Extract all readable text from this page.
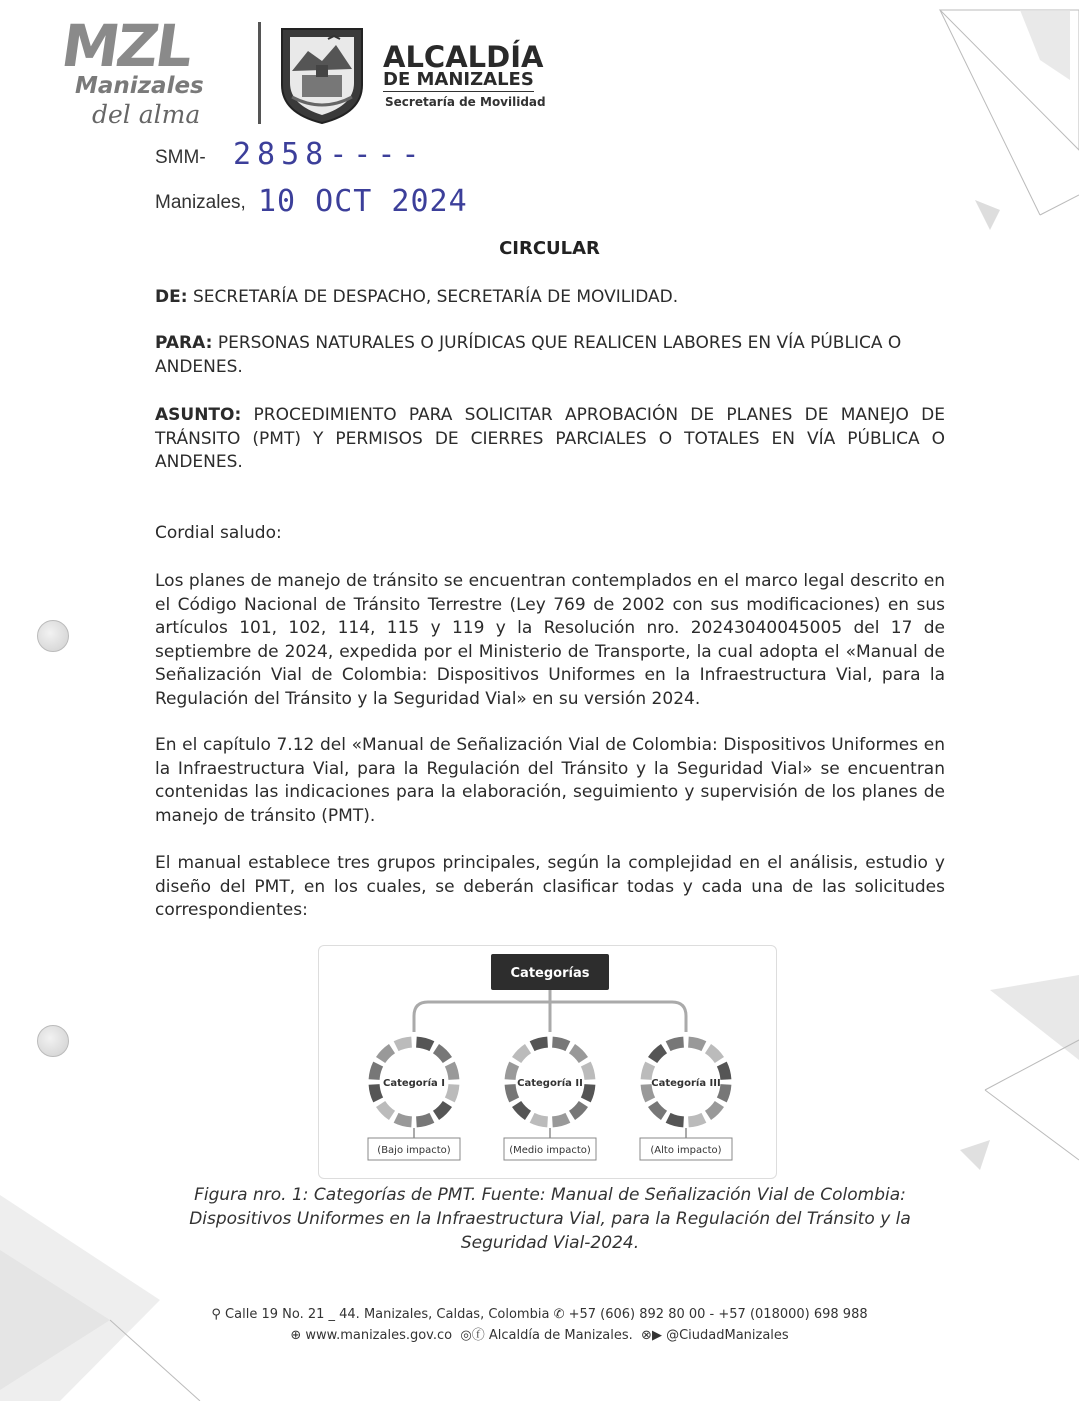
MZL
Manizales
del alma
ALCALDÍA
DE MANIZALES
Secretaría de Movilidad
SMM- 2858----
Manizales, 10 OCT 2024
CIRCULAR
DE: SECRETARÍA DE DESPACHO, SECRETARÍA DE MOVILIDAD.
PARA: PERSONAS NATURALES O JURÍDICAS QUE REALICEN LABORES EN VÍA PÚBLICA O ANDENES.
ASUNTO: PROCEDIMIENTO PARA SOLICITAR APROBACIÓN DE PLANES DE MANEJO DE TRÁNSITO (PMT) Y PERMISOS DE CIERRES PARCIALES O TOTALES EN VÍA PÚBLICA O ANDENES.
Cordial saludo:
Los planes de manejo de tránsito se encuentran contemplados en el marco legal descrito en el Código Nacional de Tránsito Terrestre (Ley 769 de 2002 con sus modificaciones) en sus artículos 101, 102, 114, 115 y 119 y la Resolución nro. 20243040045005 del 17 de septiembre de 2024, expedida por el Ministerio de Transporte, la cual adopta el «Manual de Señalización Vial de Colombia: Dispositivos Uniformes en la Infraestructura Vial, para la Regulación del Tránsito y la Seguridad Vial» en su versión 2024.
En el capítulo 7.12 del «Manual de Señalización Vial de Colombia: Dispositivos Uniformes en la Infraestructura Vial, para la Regulación del Tránsito y la Seguridad Vial» se encuentran contenidas las indicaciones para la elaboración, seguimiento y supervisión de los planes de manejo de tránsito (PMT).
El manual establece tres grupos principales, según la complejidad en el análisis, estudio y diseño del PMT, en los cuales, se deberán clasificar todas y cada una de las solicitudes correspondientes:
Categorías
Categoría I
(Bajo impacto)
Categoría II
(Medio impacto)
Categoría III
(Alto impacto)
Figura nro. 1: Categorías de PMT. Fuente: Manual de Señalización Vial de Colombia: Dispositivos Uniformes en la Infraestructura Vial, para la Regulación del Tránsito y la Seguridad Vial-2024.
⚲ Calle 19 No. 21 _ 44. Manizales, Caldas, Colombia ✆ +57 (606) 892 80 00 - +57 (018000) 698 988
⊕ www.manizales.gov.co ◎ⓕ Alcaldía de Manizales. ⊗▶ @CiudadManizales
